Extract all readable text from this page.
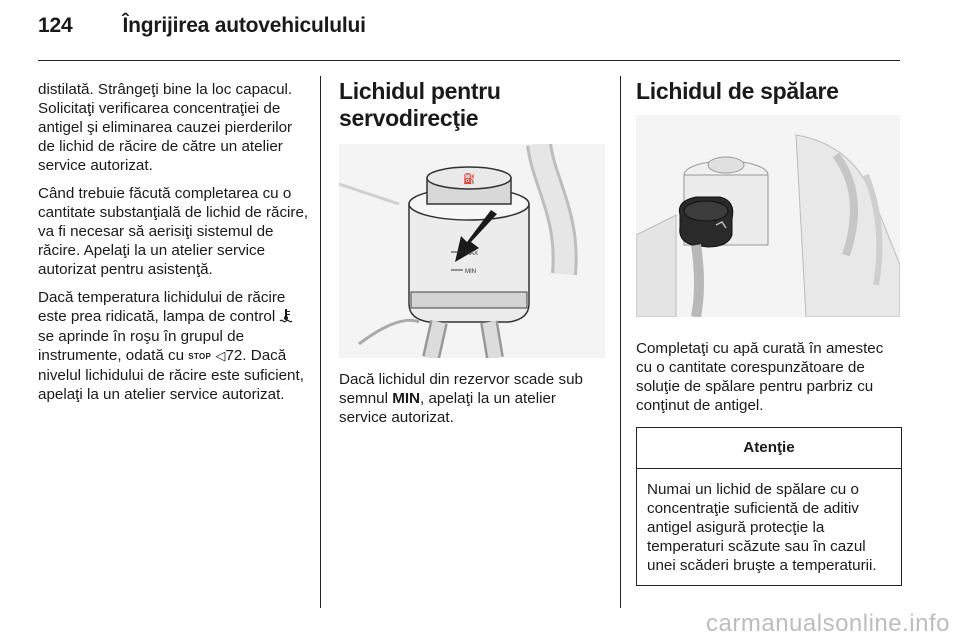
124 Îngrijirea autovehiculului

distilată. Strângeţi bine la loc capacul. Solicitaţi verificarea concentraţiei de antigel şi eliminarea cauzei pierderilor de lichid de răcire de către un atelier service autorizat.

Când trebuie făcută completarea cu o cantitate substanţială de lichid de răcire, va fi necesar să aerisiţi sistemul de răcire. Apelaţi la un atelier service autorizat pentru asistenţă.

Dacă temperatura lichidului de răcire este prea ridicată, lampa de control  se aprinde în roşu în grupul de instrumente, odată cu STOP ◁72. Dacă nivelul lichidului de răcire este suficient, apelaţi la un atelier service autorizat.

Lichidul pentru servodirecţie
⛽
MAX
MIN

Dacă lichidul din rezervor scade sub semnul MIN, apelaţi la un atelier service autorizat.

Lichidul de spălare

Completaţi cu apă curată în amestec cu o cantitate corespunzătoare de soluţie de spălare pentru parbriz cu conţinut de antigel.

Atenţie
Numai un lichid de spălare cu o concentraţie suficientă de aditiv antigel asigură protecţie la temperaturi scăzute sau în cazul unei scăderi bruşte a temperaturii.
carmanualsonline.info
